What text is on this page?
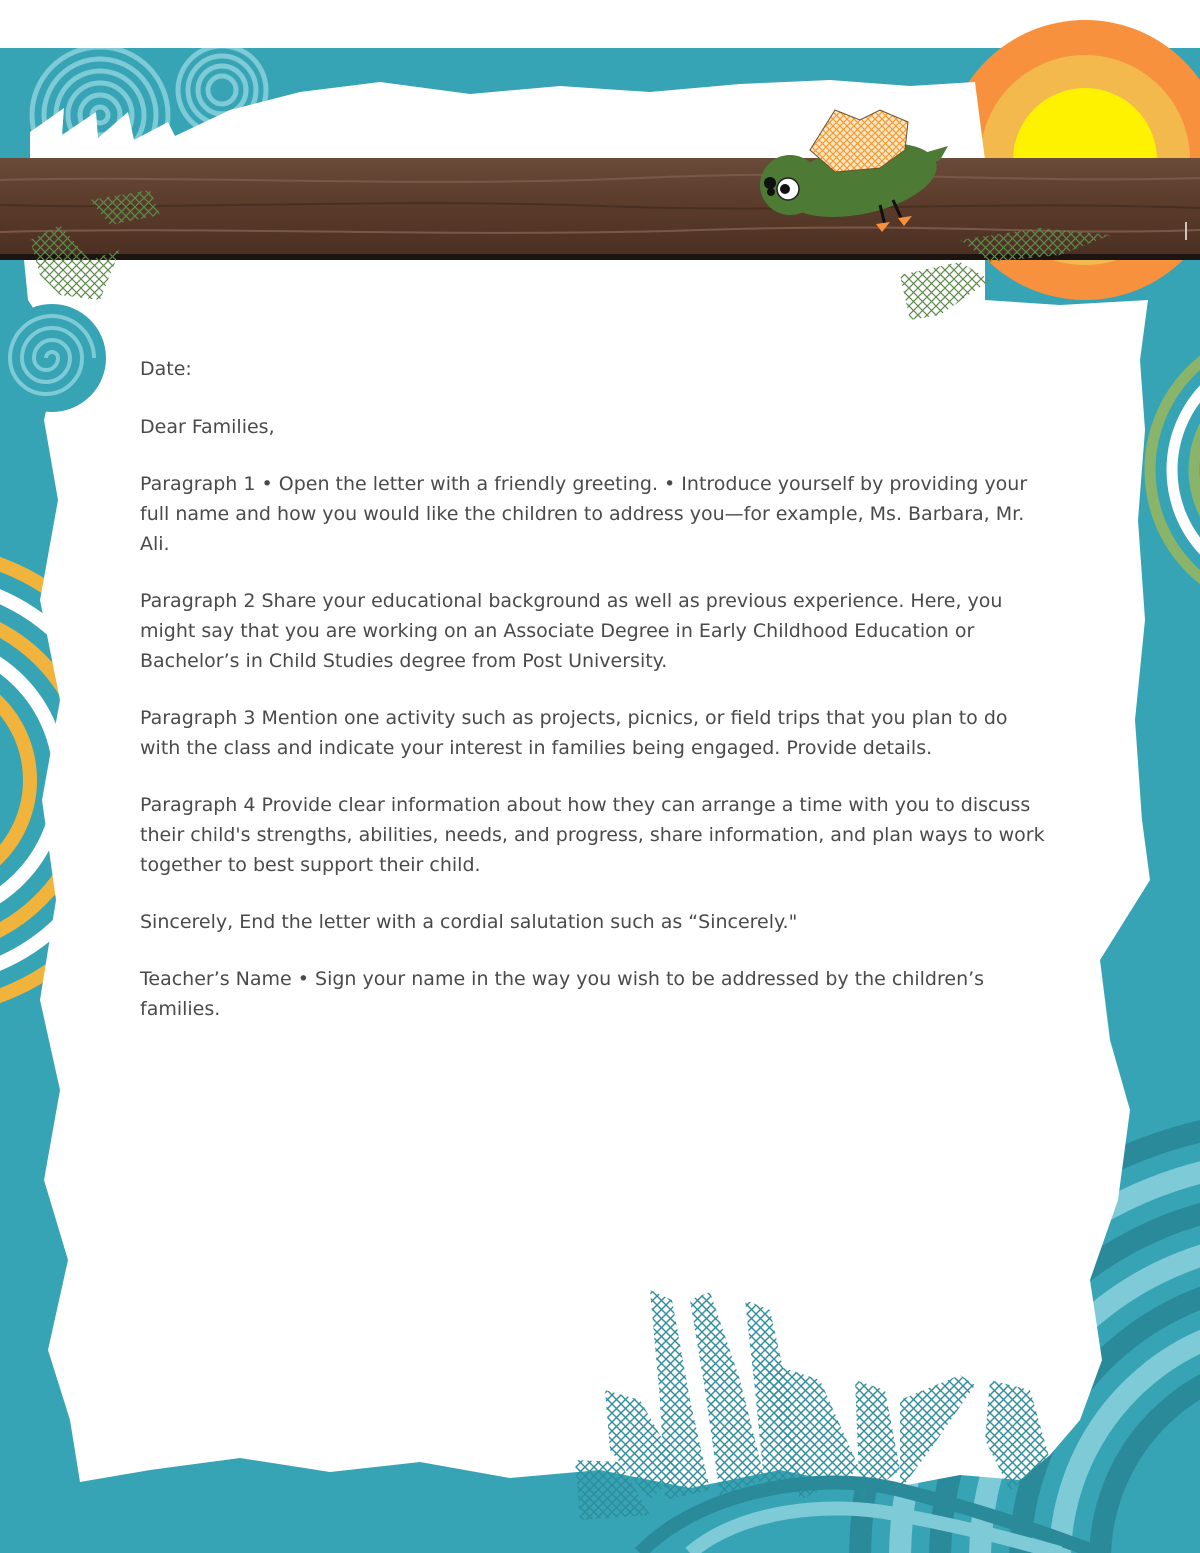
Date:

Dear Families,

Paragraph 1 • Open the letter with a friendly greeting. • Introduce yourself by providing your full name and how you would like the children to address you—for example, Ms. Barbara, Mr. Ali.

Paragraph 2 Share your educational background as well as previous experience. Here, you might say that you are working on an Associate Degree in Early Childhood Education or Bachelor’s in Child Studies degree from Post University.

Paragraph 3 Mention one activity such as projects, picnics, or field trips that you plan to do with the class and indicate your interest in families being engaged. Provide details.

Paragraph 4 Provide clear information about how they can arrange a time with you to discuss their child's strengths, abilities, needs, and progress, share information, and plan ways to work together to best support their child.

Sincerely, End the letter with a cordial salutation such as “Sincerely."

Teacher’s Name • Sign your name in the way you wish to be addressed by the children’s families.
